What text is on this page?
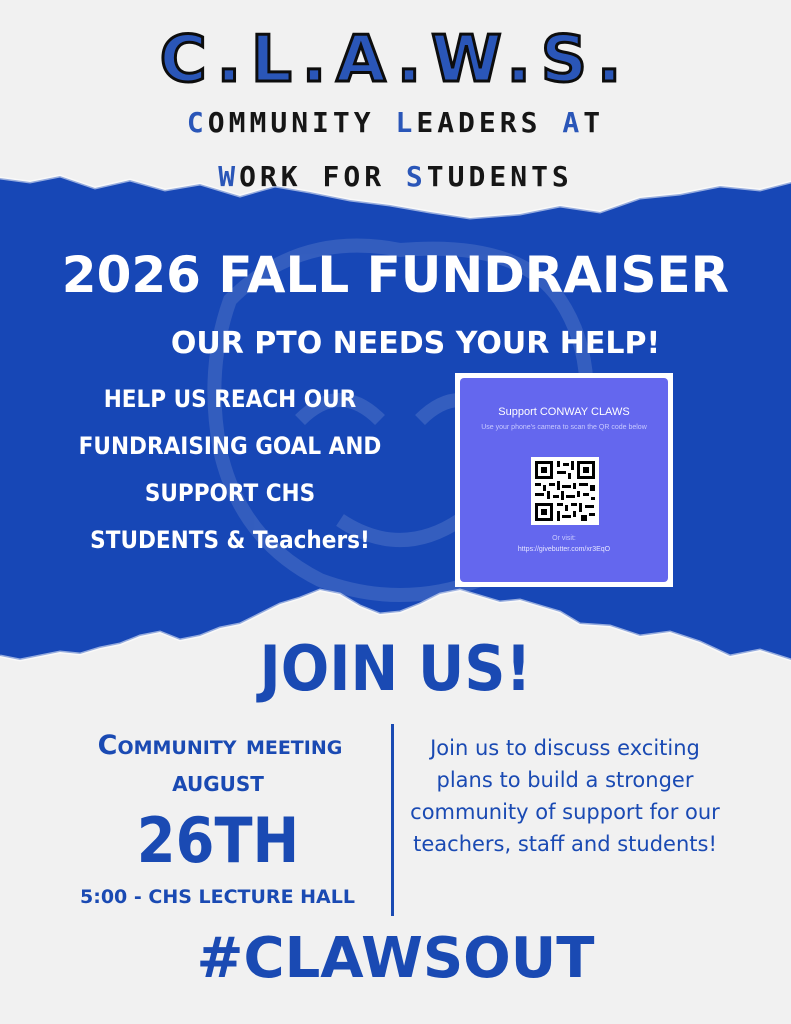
C.L.A.W.S.
COMMUNITY LEADERS AT
WORK FOR STUDENTS
2026 FALL FUNDRAISER
OUR PTO NEEDS YOUR HELP!
HELP US REACH OUR
FUNDRAISING GOAL AND
SUPPORT CHS
STUDENTS & Teachers!
Support CONWAY CLAWS
Use your phone's camera to scan the QR code below
Or visit:
https://givebutter.com/xr3EqO
JOIN US!
Community meeting
AUGUST
26TH
5:00 - CHS LECTURE HALL
Join us to discuss exciting plans to build a stronger community of support for our teachers, staff and students!
#CLAWSOUT
